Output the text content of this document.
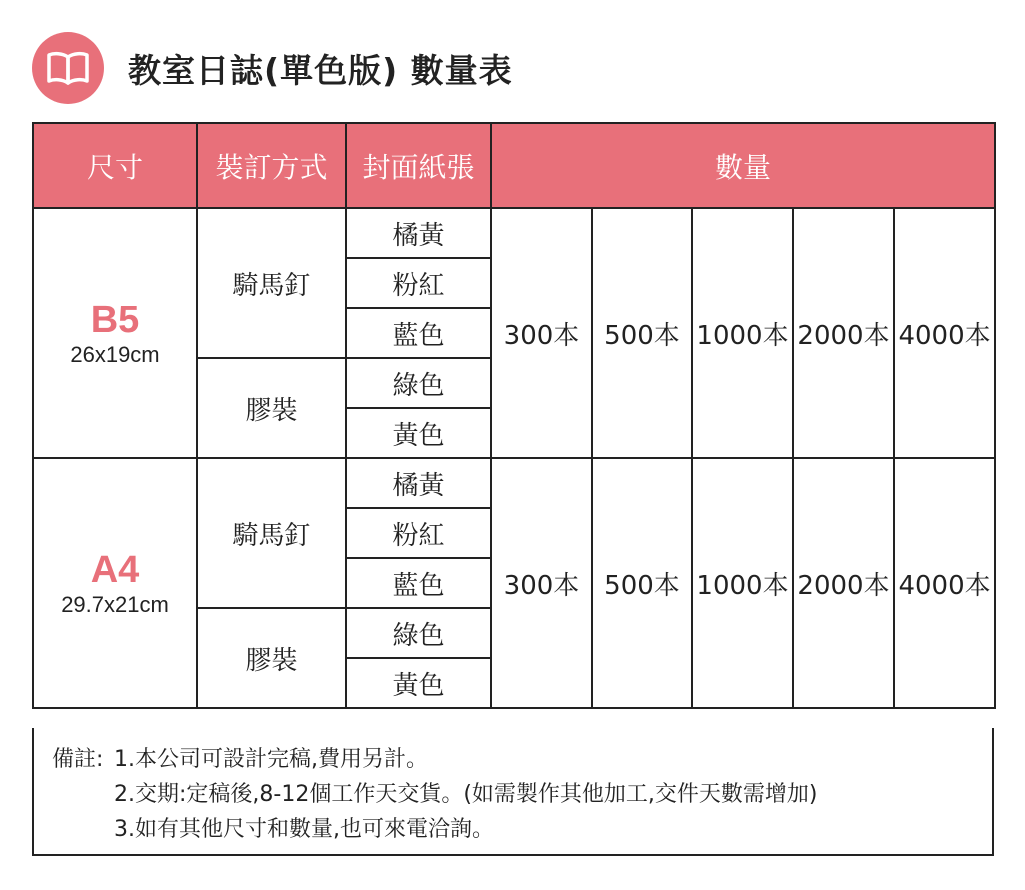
教室日誌(單色版) 數量表
尺寸	裝訂方式	封面紙張	數量				

B5
26x19cm	騎馬釘	橘黃	300本	500本	1000本	2000本	4000本
		粉紅					
		藍色					
	膠裝	綠色					
		黃色					

A4
29.7x21cm	騎馬釘	橘黃	300本	500本	1000本	2000本	4000本
		粉紅					
		藍色					
	膠裝	綠色					
		黃色					
備註: 1.本公司可設計完稿,費用另計。
2.交期:定稿後,8-12個工作天交貨。(如需製作其他加工,交件天數需增加)
3.如有其他尺寸和數量,也可來電洽詢。
